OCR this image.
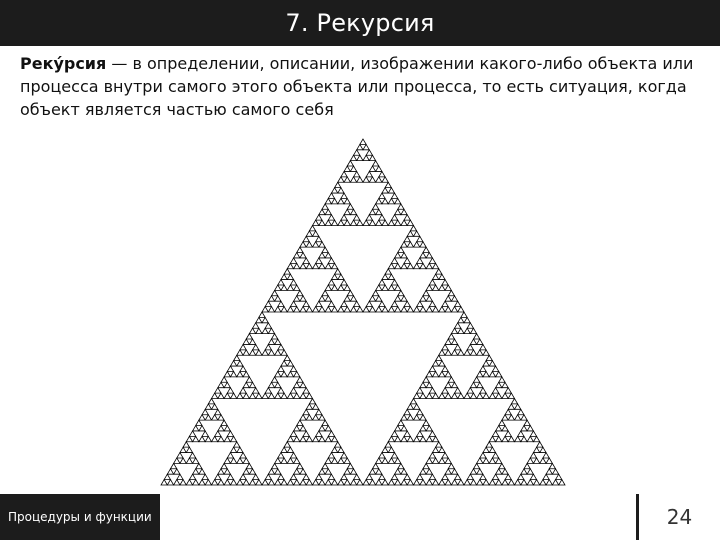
7. Рекурсия
Реку́рсия — в определении, описании, изображении какого-либо объекта или процесса внутри самого этого объекта или процесса, то есть ситуация, когда объект является частью самого себя
Процедуры и функции	24
